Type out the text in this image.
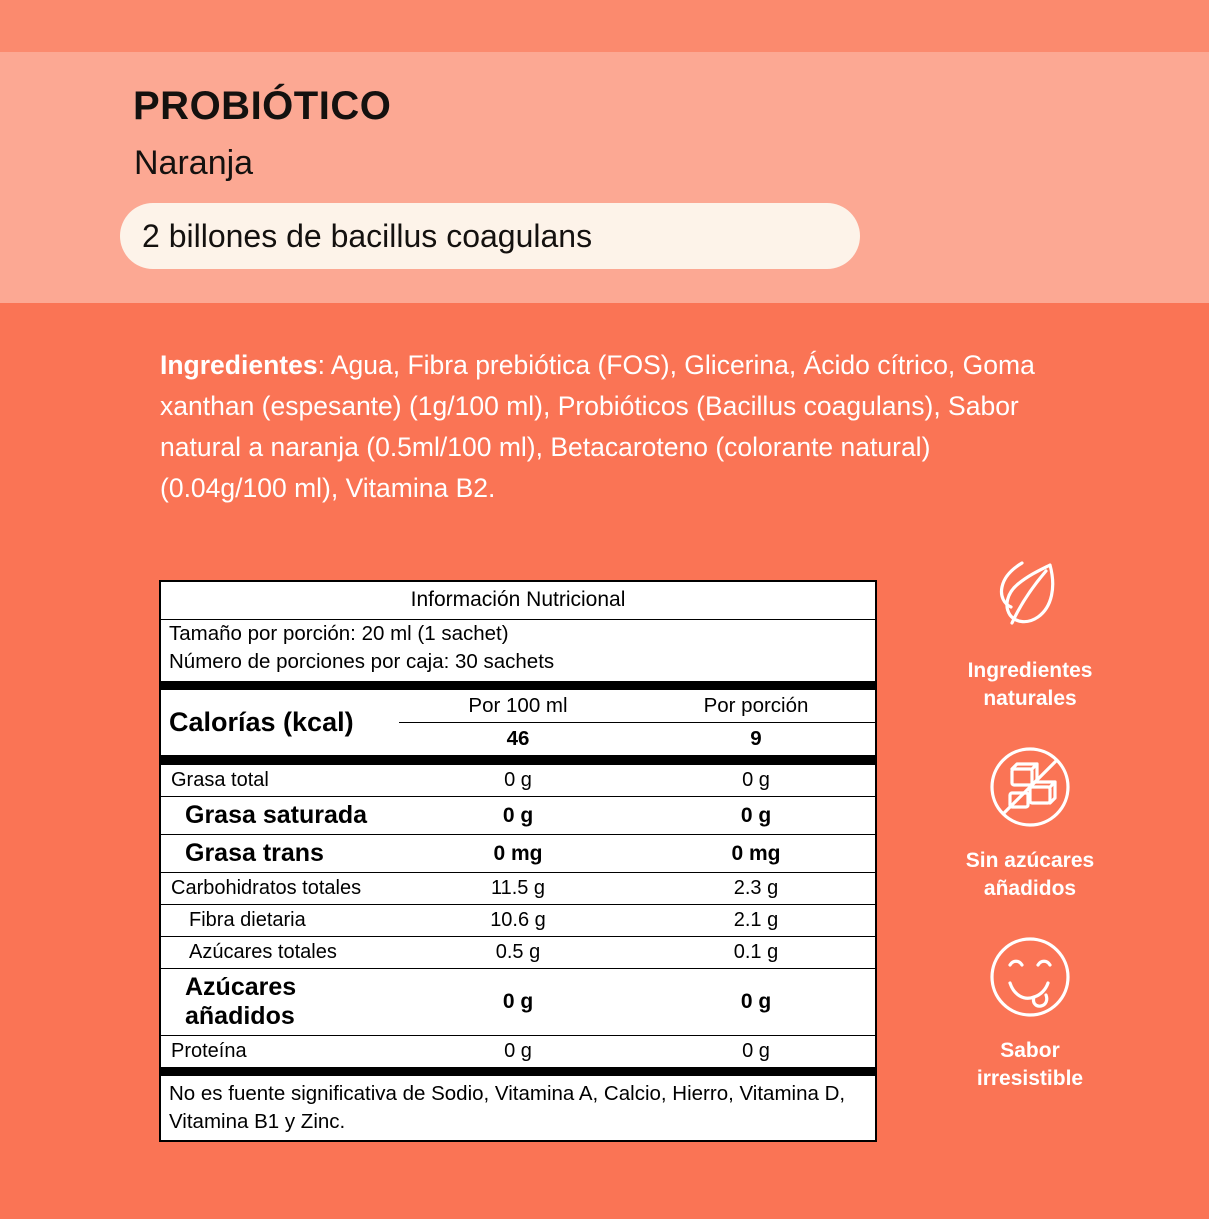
PROBIÓTICO
Naranja
2 billones de bacillus coagulans
Ingredientes: Agua, Fibra prebiótica (FOS), Glicerina, Ácido cítrico, Goma xanthan (espesante) (1g/100 ml), Probióticos (Bacillus coagulans), Sabor natural a naranja (0.5ml/100 ml), Betacaroteno (colorante natural) (0.04g/100 ml), Vitamina B2.
Información Nutricional		
Tamaño por porción: 20 ml (1 sachet)		
Número de porciones por caja: 30 sachets		

Calorías (kcal)	Por 100 ml	Por porción
	46	9

Grasa total	0 g	0 g
Grasa saturada	0 g	0 g
Grasa trans	0 mg	0 mg
Carbohidratos totales	11.5 g	2.3 g
Fibra dietaria	10.6 g	2.1 g
Azúcares totales	0.5 g	0.1 g
Azúcares añadidos	0 g	0 g
Proteína	0 g	0 g

No es fuente significativa de Sodio, Vitamina A, Calcio, Hierro, Vitamina D, Vitamina B1 y Zinc.		
Ingredientes
naturales
Sin azúcares
añadidos
Sabor
irresistible
